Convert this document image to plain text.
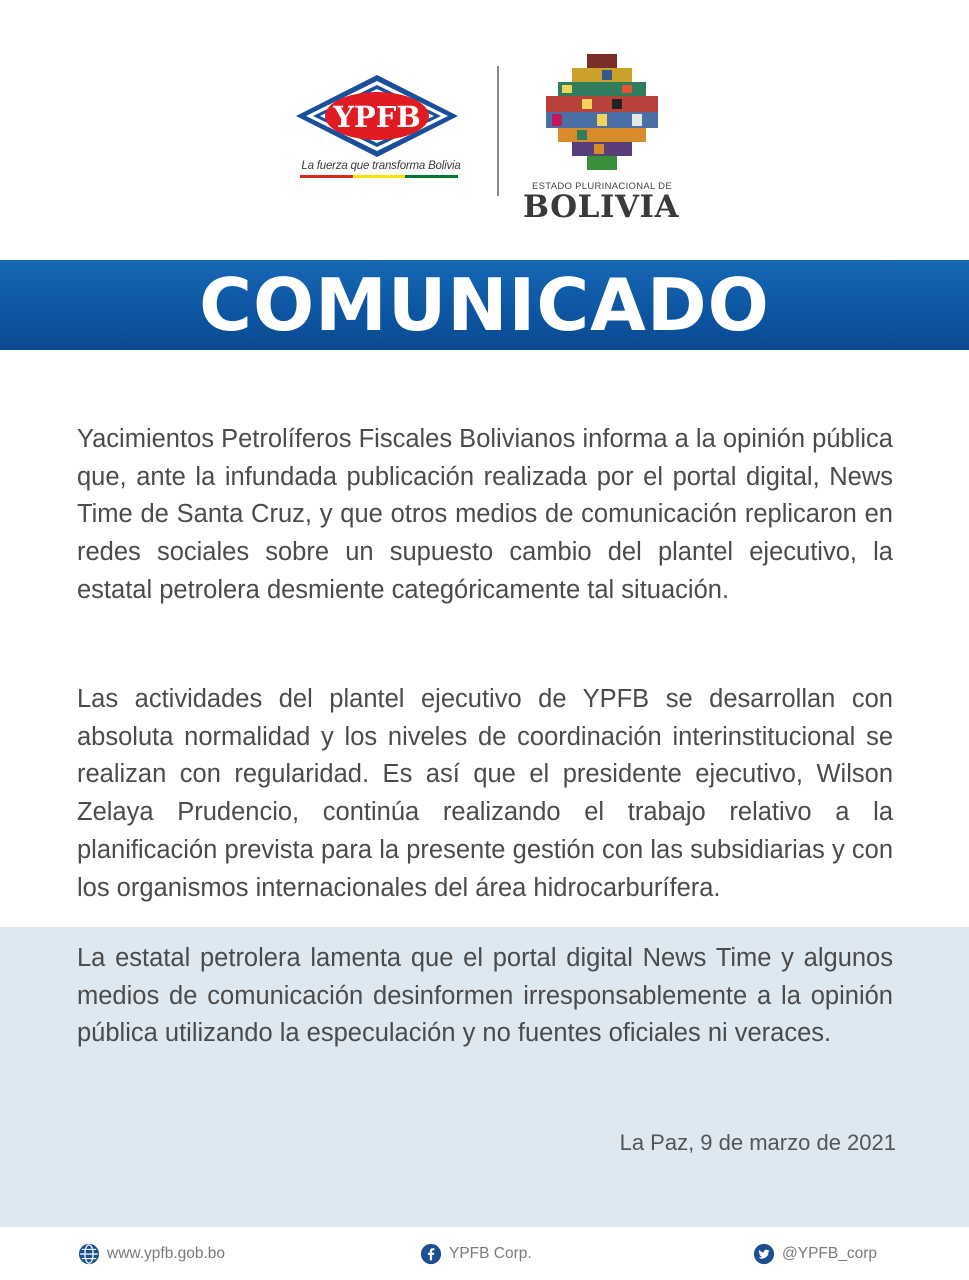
YPFB
La fuerza que transforma Bolivia
ESTADO PLURINACIONAL DE
BOLIVIA
COMUNICADO

Yacimientos Petrolíferos Fiscales Bolivianos informa a la opinión pública que, ante la infundada publicación realizada por el portal digital, News Time de Santa Cruz, y que otros medios de comunicación replicaron en redes sociales sobre un supuesto cambio del plantel ejecutivo, la estatal petrolera desmiente categóricamente tal situación.

Las actividades del plantel ejecutivo de YPFB se desarrollan con absoluta normalidad y los niveles de coordinación interinstitucional se realizan con regularidad. Es así que el presidente ejecutivo, Wilson Zelaya Prudencio, continúa realizando el trabajo relativo a la planificación prevista para la presente gestión con las subsidiarias y con los organismos internacionales del área hidrocarburífera.

La estatal petrolera lamenta que el portal digital News Time y algunos medios de comunicación desinformen irresponsablemente a la opinión pública utilizando la especulación y no fuentes oficiales ni veraces.

La Paz, 9 de marzo de 2021
www.ypfb.gob.bo	YPFB Corp.	@YPFB_corp
